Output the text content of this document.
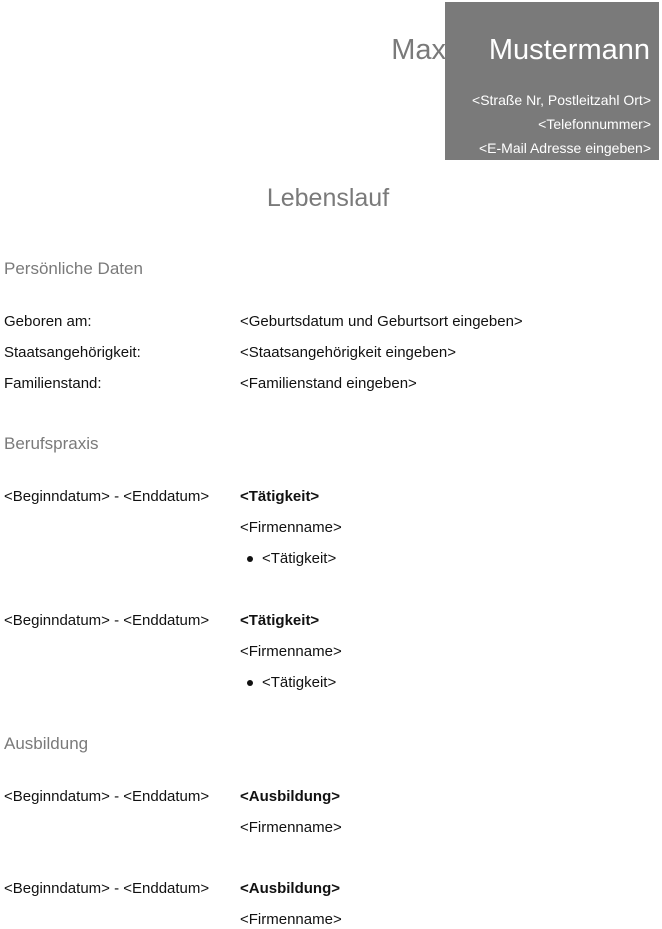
Max Mustermann
<Straße Nr, Postleitzahl Ort>
<Telefonnummer>
<E-Mail Adresse eingeben>
Lebenslauf
Persönliche Daten
Geboren am:	<Geburtsdatum und Geburtsort eingeben>
Staatsangehörigkeit:	<Staatsangehörigkeit eingeben>
Familienstand:	<Familienstand eingeben>
Berufspraxis
<Beginndatum> - <Enddatum> <Tätigkeit>
<Firmenname>
<Tätigkeit>
<Beginndatum> - <Enddatum> <Tätigkeit>
<Firmenname>
<Tätigkeit>
Ausbildung
<Beginndatum> - <Enddatum> <Ausbildung>
<Firmenname>
<Beginndatum> - <Enddatum> <Ausbildung>
<Firmenname>
